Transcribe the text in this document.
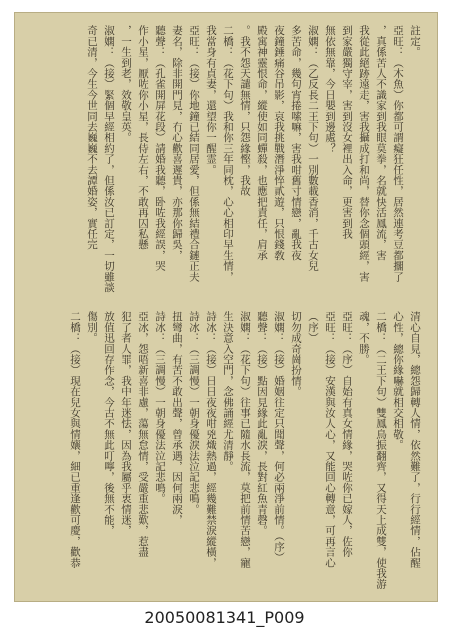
註定。

亞旺：（木魚）你都可謂癡狂任性，居然連考豆都擱了

，真係苦人不識家到我眼莫拳，名就快活鳳流，害

我從此絕跡遠走，害我攝成打和尚，替你念個頭經，害

到家嚴獨守宰，害到沒女裡出入命，更害到我

無依無靠，今日嬰到邊處？

淑嫻：（乙反長二王下句）一別數載香消，千古女兒

多苦命，幾句宵捲嗦嘛，害我咁舊寸情戀，亂我夜

夜鐘錘痛谷吊影，哀我挑戰潛淨悴貳遊，只恨錢敎

殿寓神靈恨命，縱使如同蟬殺，也應把責任，肩承

。我不怨天譴無情，只怨緣慳，我故

二橋：（花下句）我和你三年同枕，心心相印早生情，

我當身有貞妻，還望你一醒霊。

亞旺：（接）你地鐘已結同居愛，但係無結禮合鏈正夫

妻名，除非開門見，冇心歡喜遲貴，亦那你歸吳，

聽聲：（孔雀開屏花段）請婚我聽，卧咗我經誤，哭

作小星，厭咗你小星，長侍左右，不敢再囚私懸

，一生到老，效敬皇英。

淑嫻：（接）緊個早經相約了，但係汝已訂定，一切雖談

奇已清，今生今世同去巍巍不去譚婚姿，實任完

清心自見，總怨歸轉人情，依然難了，行行經情，佔醒

心性，總你緣嚇就相交相敬。

二橋：（二王下句）雙鳳鳥振翻齊，又得天上成雙，使我游魂，不勝。

亞旺：（序）自始有真女情緣，哭咗你已嫁人，佐你

亞旺：（接）安漢與汝人心，又能回心轉意，可再言心（序）

切勿成奇崗扮情。

淑嫻：（接）婚姻往定只聞聲，何必兩淨前情。（序）

聽聲：（接）點因見緣此亂淚，長對紅魚青磬。

淑嫻：（花下句）往事已隨水長流，莫把前情苦戀，寵

生決意入空門，念佛誦經尤清靜。

詩冰：（接）日日夜夜咁兇熾熱過，經幾難禁淚縱橫，

詩冰：（三調慢）一朝身優淚法泣記悲鳴。

扭彎曲，有苦不敢出聲，曾承遇，因何兩淚，

詩冰：（三調慢）一朝身優法泣記悲鳴。

亞冰，怨唔新喜非慮，蕩無怠情，受嚴重悲歎，惹盡

犯了者人罪，我中年迷怯，因為我屬乎衷情迷，

放值迅回存作念，今古不無此叮嚀，後無不能，

傷別。

二橋：（接）現在兒女與情孃，細已重逢歡可慶，歡恭

20050081341_P009
